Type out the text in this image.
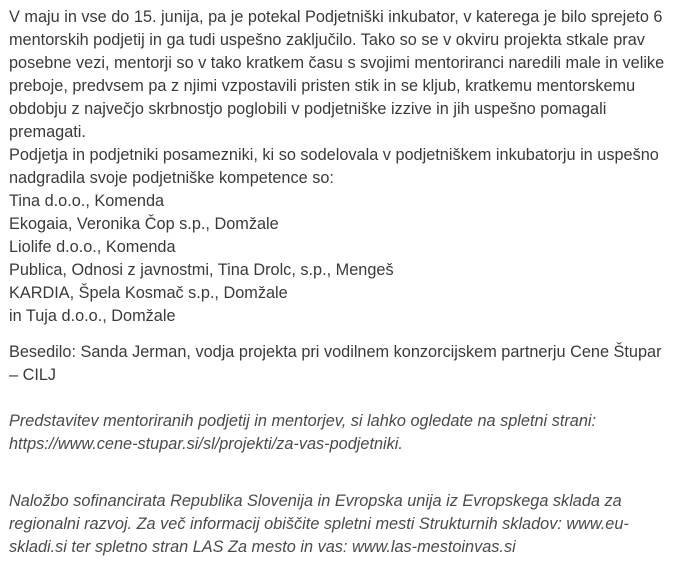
V maju in vse do 15. junija, pa je potekal Podjetniški inkubator, v katerega je bilo sprejeto 6 mentorskih podjetij in ga tudi uspešno zaključilo. Tako so se v okviru projekta stkale prav posebne vezi, mentorji so v tako kratkem času s svojimi mentoriranci naredili male in velike preboje, predvsem pa z njimi vzpostavili pristen stik in se kljub, kratkemu mentorskemu obdobju z največjo skrbnostjo poglobili v podjetniške izzive in jih uspešno pomagali premagati.

Podjetja in podjetniki posamezniki, ki so sodelovala v podjetniškem inkubatorju in uspešno nadgradila svoje podjetniške kompetence so:

Tina d.o.o., Komenda
Ekogaia, Veronika Čop s.p., Domžale
Liolife d.o.o., Komenda
Publica, Odnosi z javnostmi, Tina Drolc, s.p., Mengeš
KARDIA, Špela Kosmač s.p., Domžale
in Tuja d.o.o., Domžale

Besedilo: Sanda Jerman, vodja projekta pri vodilnem konzorcijskem partnerju Cene Štupar – CILJ

Predstavitev mentoriranih podjetij in mentorjev, si lahko ogledate na spletni strani: https://www.cene-stupar.si/sl/projekti/za-vas-podjetniki.

Naložbo sofinancirata Republika Slovenija in Evropska unija iz Evropskega sklada za regionalni razvoj. Za več informacij obiščite spletni mesti Strukturnih skladov: www.eu-skladi.si ter spletno stran LAS Za mesto in vas: www.las-mestoinvas.si
